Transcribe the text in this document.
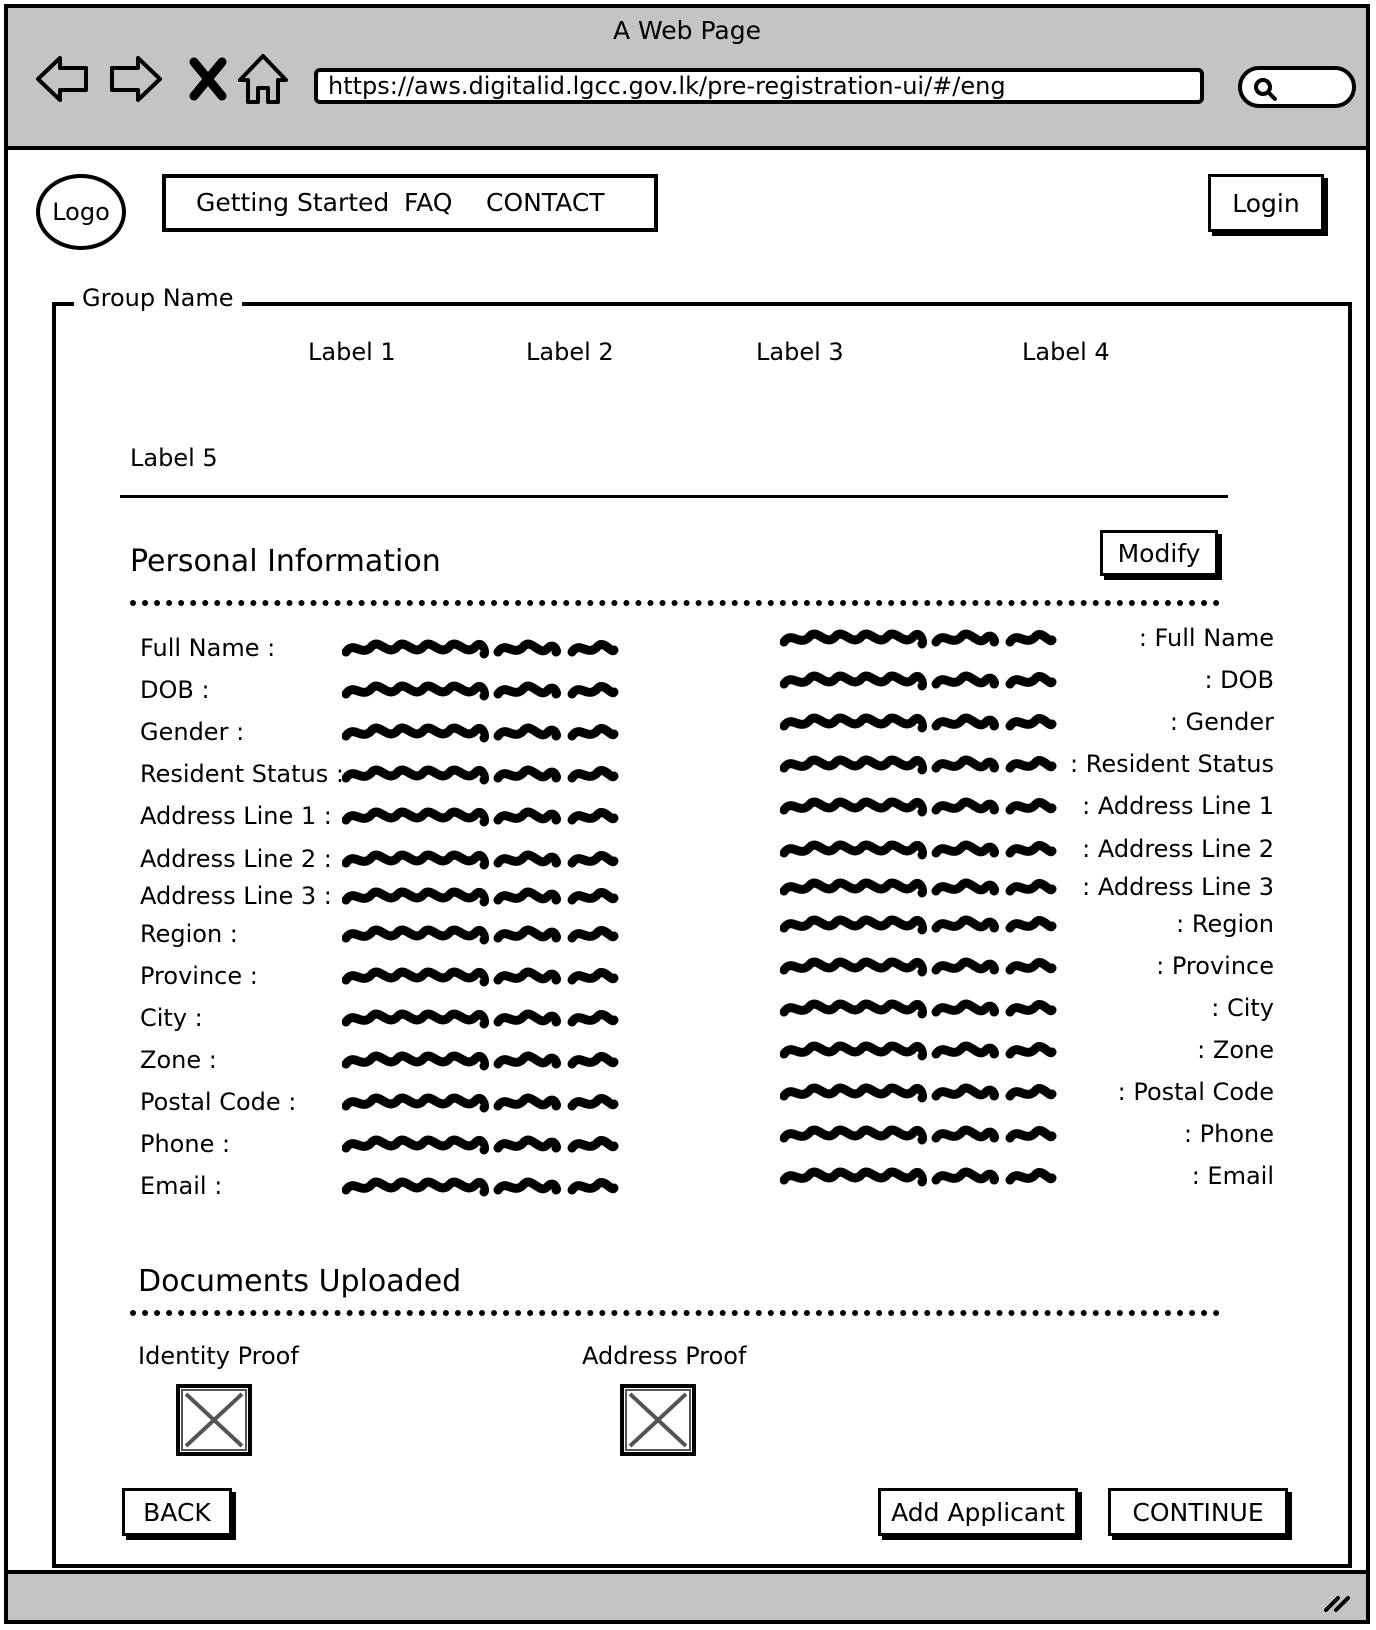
A Web Page
https://aws.digitalid.lgcc.gov.lk/pre-registration-ui/#/eng
Logo	Getting Started FAQ CONTACT	Login
Group Name
Label 1	Label 2	Label 3	Label 4
Label 5
Personal Information	Modify
Full Name :
DOB :
Gender :
Resident Status :
Address Line 1 :
Address Line 2 :
Address Line 3 :
Region :
Province :
City :
Zone :
Postal Code :
Phone :
Email :
: Full Name
: DOB
: Gender
: Resident Status
: Address Line 1
: Address Line 2
: Address Line 3
: Region
: Province
: City
: Zone
: Postal Code
: Phone
: Email
Documents Uploaded
Identity Proof	Address Proof
BACK	Add Applicant	CONTINUE
